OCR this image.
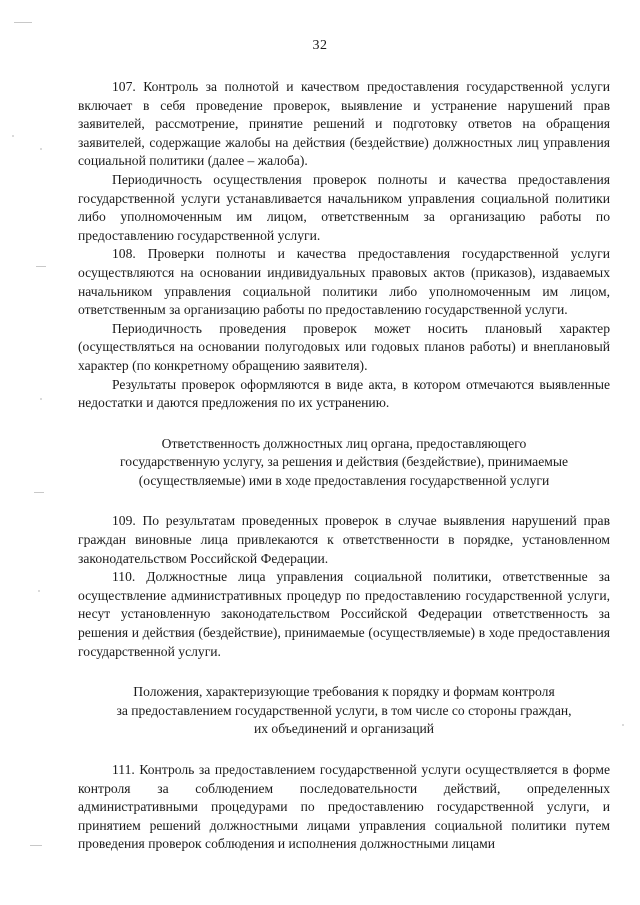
32

107. Контроль за полнотой и качеством предоставления государственной услуги включает в себя проведение проверок, выявление и устранение нарушений прав заявителей, рассмотрение, принятие решений и подготовку ответов на обращения заявителей, содержащие жалобы на действия (бездействие) должностных лиц управления социальной политики (далее – жалоба).

Периодичность осуществления проверок полноты и качества предоставления государственной услуги устанавливается начальником управления социальной политики либо уполномоченным им лицом, ответственным за организацию работы по предоставлению государственной услуги.

108. Проверки полноты и качества предоставления государственной услуги осуществляются на основании индивидуальных правовых актов (приказов), издаваемых начальником управления социальной политики либо уполномоченным им лицом, ответственным за организацию работы по предоставлению государственной услуги.

Периодичность проведения проверок может носить плановый характер (осуществляться на основании полугодовых или годовых планов работы) и внеплановый характер (по конкретному обращению заявителя).

Результаты проверок оформляются в виде акта, в котором отмечаются выявленные недостатки и даются предложения по их устранению.

Ответственность должностных лиц органа, предоставляющего
государственную услугу, за решения и действия (бездействие), принимаемые
(осуществляемые) ими в ходе предоставления государственной услуги

109. По результатам проведенных проверок в случае выявления нарушений прав граждан виновные лица привлекаются к ответственности в порядке, установленном законодательством Российской Федерации.

110. Должностные лица управления социальной политики, ответственные за осуществление административных процедур по предоставлению государственной услуги, несут установленную законодательством Российской Федерации ответственность за решения и действия (бездействие), принимаемые (осуществляемые) в ходе предоставления государственной услуги.

Положения, характеризующие требования к порядку и формам контроля
за предоставлением государственной услуги, в том числе со стороны граждан,
их объединений и организаций

111. Контроль за предоставлением государственной услуги осуществляется в форме контроля за соблюдением последовательности действий, определенных административными процедурами по предоставлению государственной услуги, и принятием решений должностными лицами управления социальной политики путем проведения проверок соблюдения и исполнения должностными лицами
